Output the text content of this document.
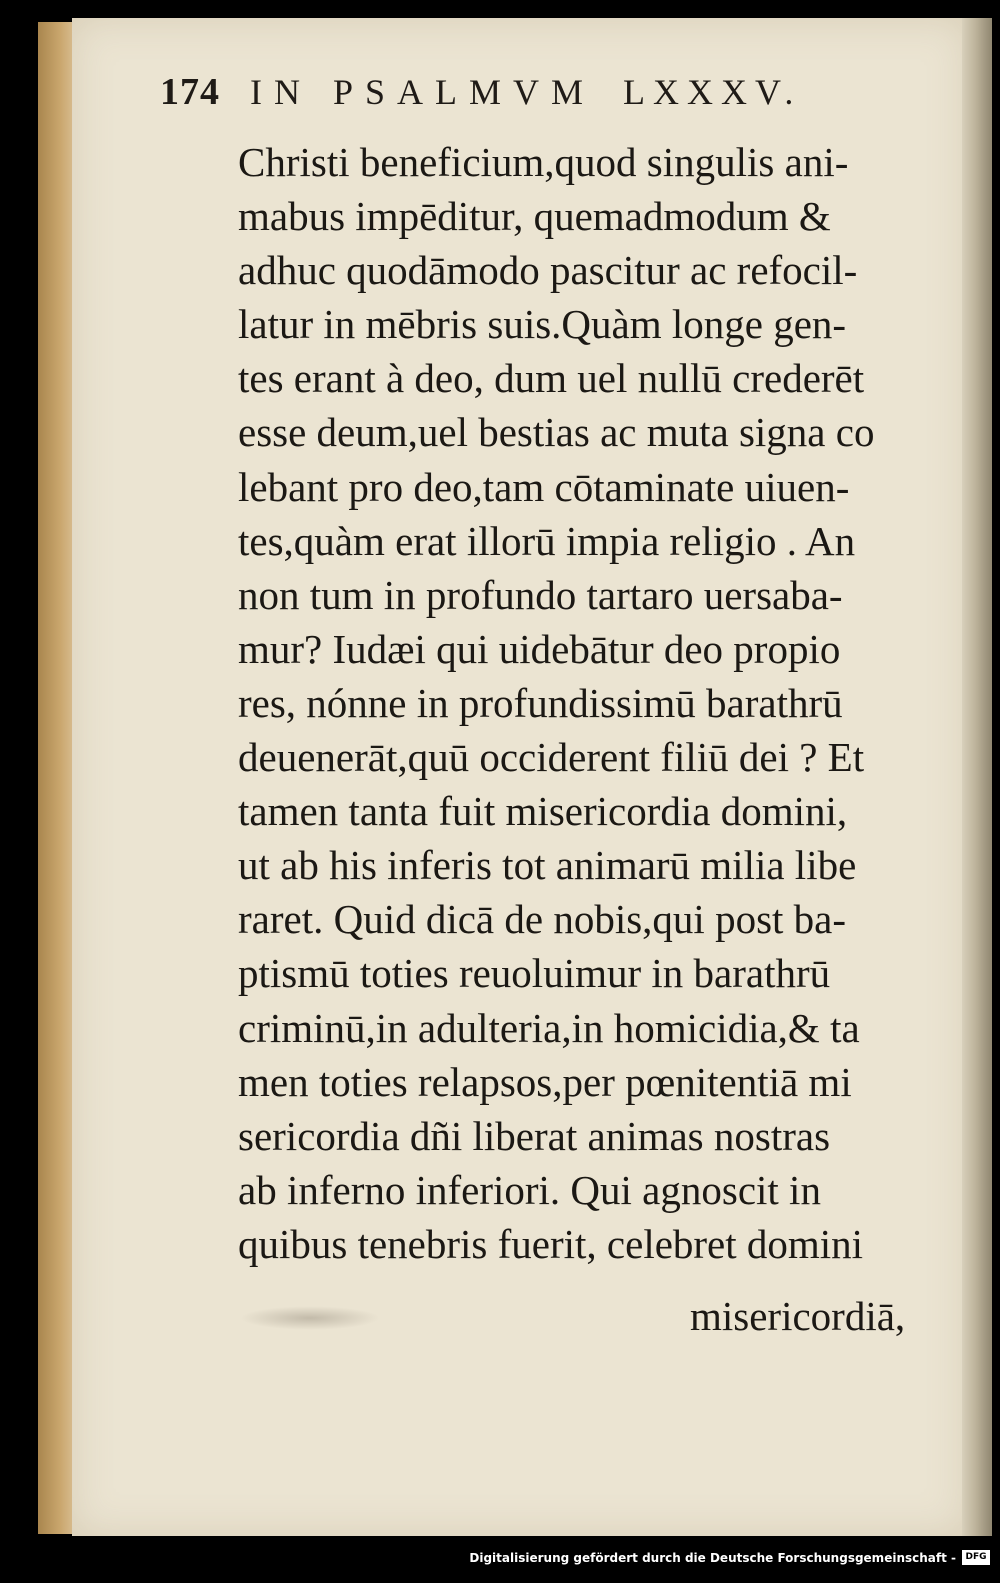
174 IN PSALMVM LXXXV.
Christi beneficium,quod singulis ani-
mabus impēditur, quemadmodum &
adhuc quodāmodo pascitur ac refocil-
latur in mēbris suis.Quàm longe gen-
tes erant à deo, dum uel nullū crederēt
esse deum,uel bestias ac muta signa co
lebant pro deo,tam cōtaminate uiuen-
tes,quàm erat illorū impia religio . An
non tum in profundo tartaro uersaba-
mur? Iudæi qui uidebātur deo propio
res, nónne in profundissimū barathrū
deuenerāt,quū occiderent filiū dei ? Et
tamen tanta fuit misericordia domini,
ut ab his inferis tot animarū milia libe
raret. Quid dicā de nobis,qui post ba-
ptismū toties reuoluimur in barathrū
criminū,in adulteria,in homicidia,& ta
men toties relapsos,per pœnitentiā mi
sericordia dñi liberat animas nostras
ab inferno inferiori. Qui agnoscit in
quibus tenebris fuerit, celebret domini
misericordiā,
Digitalisierung gefördert durch die Deutsche Forschungsgemeinschaft -	DFG
